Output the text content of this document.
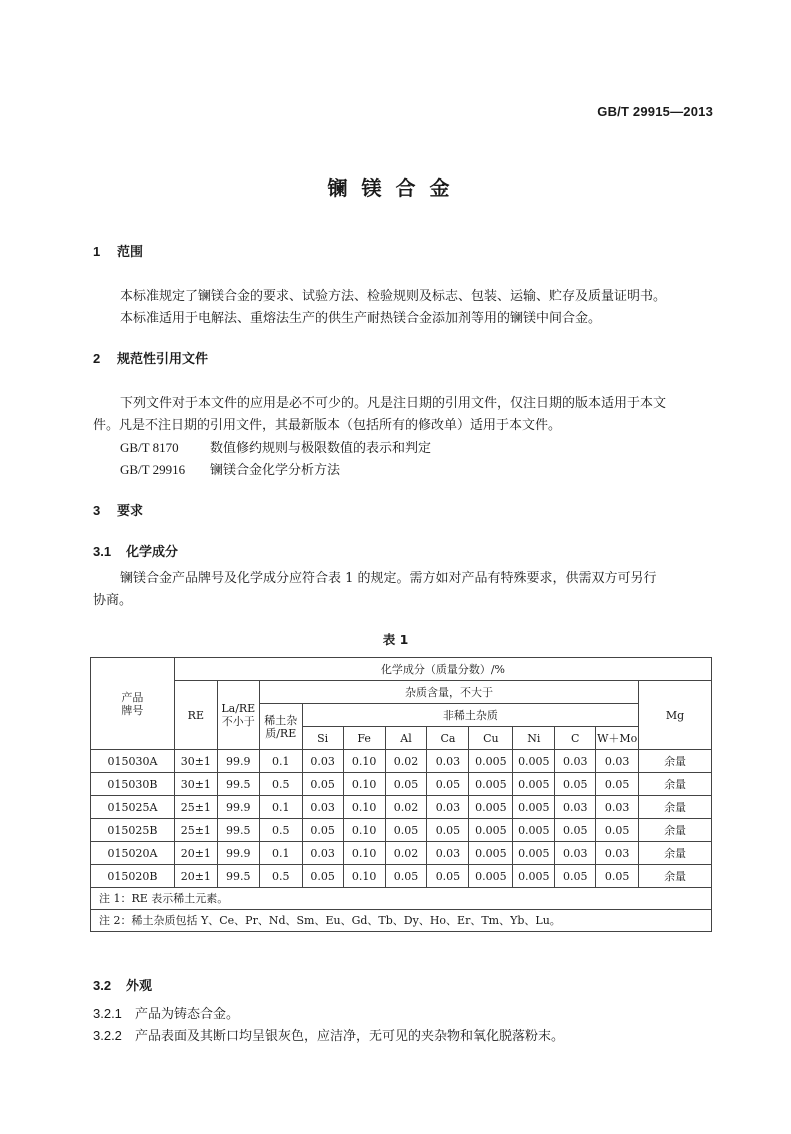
GB/T 29915—2013
镧镁合金
1 范围
本标准规定了镧镁合金的要求、试验方法、检验规则及标志、包装、运输、贮存及质量证明书。
本标准适用于电解法、重熔法生产的供生产耐热镁合金添加剂等用的镧镁中间合金。
2 规范性引用文件
下列文件对于本文件的应用是必不可少的。凡是注日期的引用文件，仅注日期的版本适用于本文
件。凡是不注日期的引用文件，其最新版本（包括所有的修改单）适用于本文件。
GB/T 8170 数值修约规则与极限数值的表示和判定
GB/T 29916 镧镁合金化学分析方法
3 要求
3.1 化学成分
镧镁合金产品牌号及化学成分应符合表 1 的规定。需方如对产品有特殊要求，供需双方可另行
协商。
表 1
产品
牌号	化学成分（质量分数）/%											
	RE	La/RE
不小于	杂质含量，不大于									Mg
			稀土杂
质/RE	非稀土杂质								
				Si	Fe	Al	Ca	Cu	Ni	C	W＋Mo	
015030A	30±1	99.9	0.1	0.03	0.10	0.02	0.03	0.005	0.005	0.03	0.03	余量
015030B	30±1	99.5	0.5	0.05	0.10	0.05	0.05	0.005	0.005	0.05	0.05	余量
015025A	25±1	99.9	0.1	0.03	0.10	0.02	0.03	0.005	0.005	0.03	0.03	余量
015025B	25±1	99.5	0.5	0.05	0.10	0.05	0.05	0.005	0.005	0.05	0.05	余量
015020A	20±1	99.9	0.1	0.03	0.10	0.02	0.03	0.005	0.005	0.03	0.03	余量
015020B	20±1	99.5	0.5	0.05	0.10	0.05	0.05	0.005	0.005	0.05	0.05	余量
注 1：RE 表示稀土元素。												
注 2：稀土杂质包括 Y、Ce、Pr、Nd、Sm、Eu、Gd、Tb、Dy、Ho、Er、Tm、Yb、Lu。												
3.2 外观
3.2.1 产品为铸态合金。
3.2.2 产品表面及其断口均呈银灰色，应洁净，无可见的夹杂物和氧化脱落粉末。
